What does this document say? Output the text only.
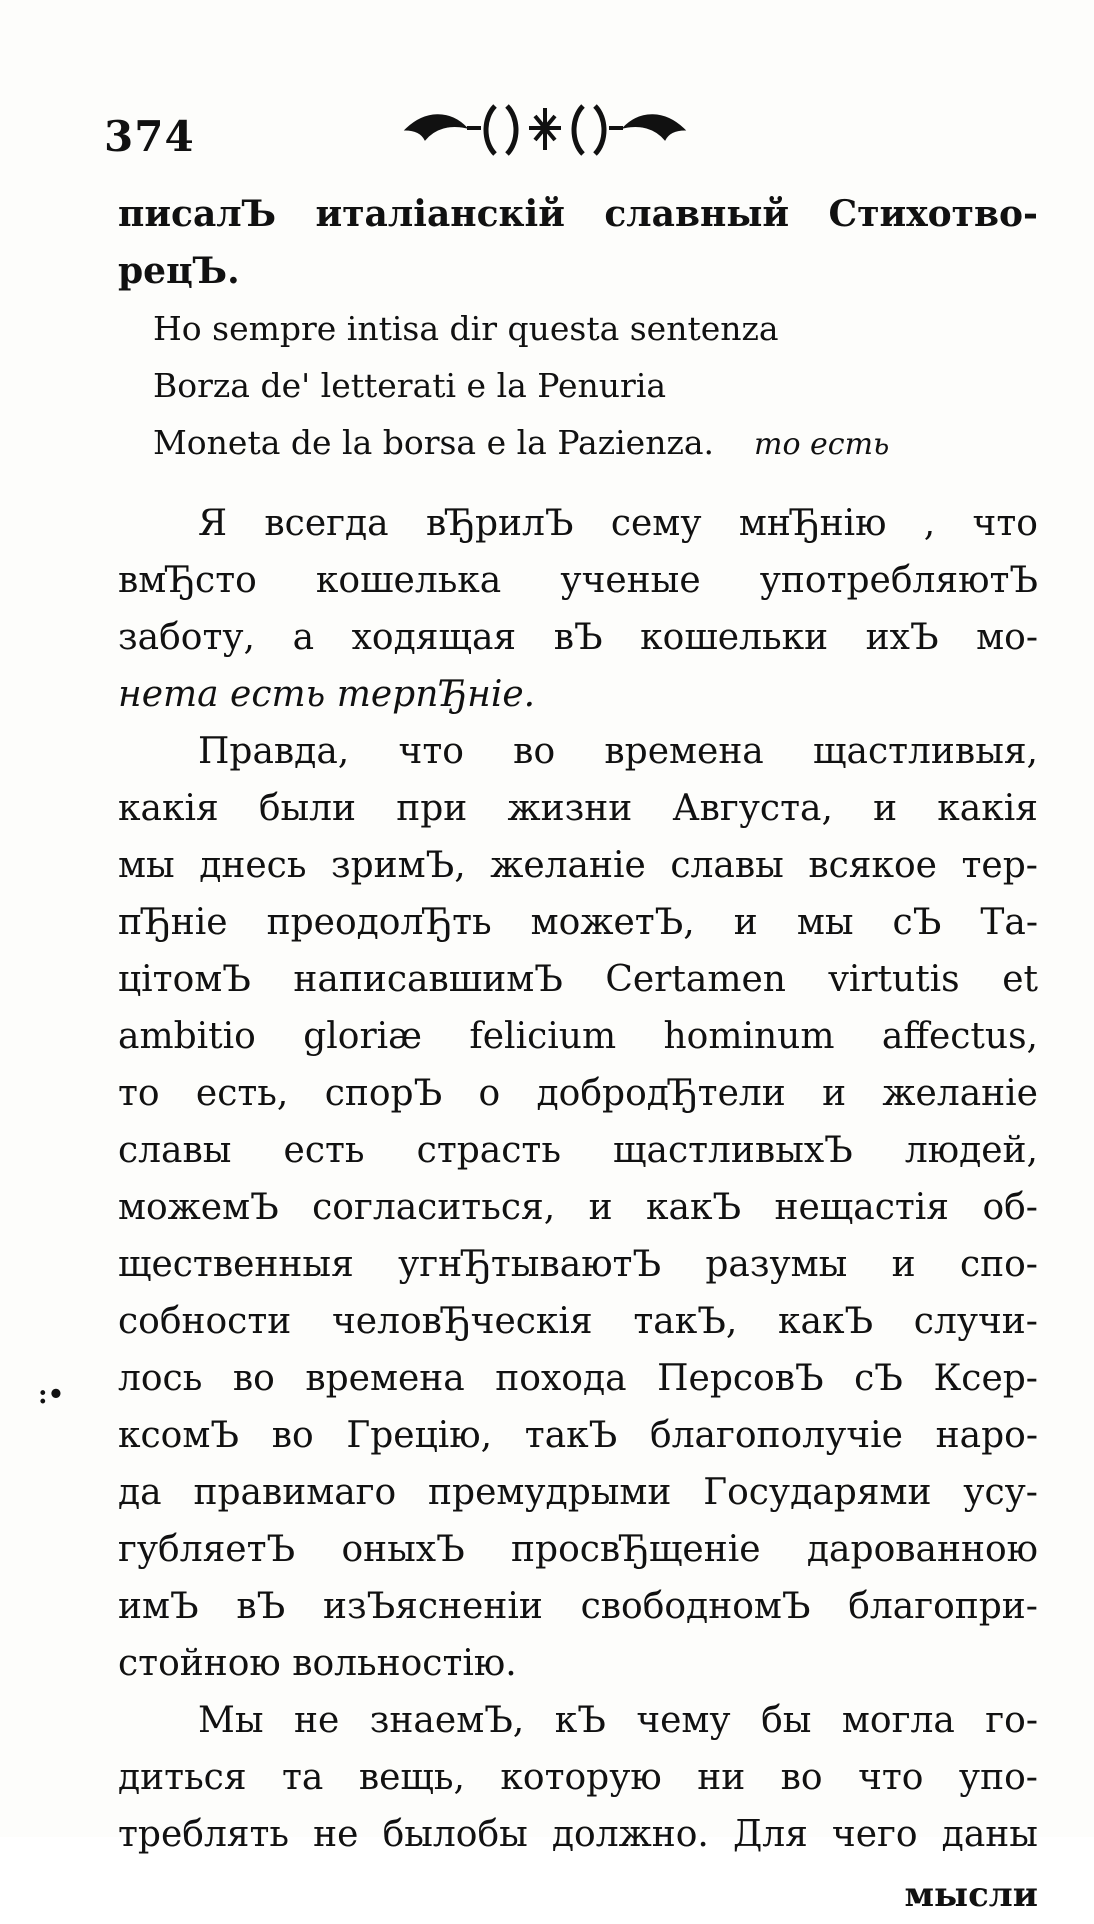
374
писалЪ италіанскій славный Стихотво-
рецЪ.
Ho sempre intisa dir questa sentenza
Borza de' letterati e la Penuria
Moneta de la borsa e la Pazienza. то есть
Я всегда вЂрилЪ сему мнЂнію , что
вмЂсто кошелька ученые употребляютЪ
заботу, а ходящая вЪ кошельки ихЪ мо-
нета есть терпЂніе.
Правда, что во времена щастливыя,
какія были при жизни Августа, и какія
мы днесь зримЪ, желаніе славы всякое тер-
пЂніе преодолЂть можетЪ, и мы сЪ Та-
цітомЪ написавшимЪ Certamen virtutis et
ambitio gloriæ felicium hominum affectus,
то есть, спорЪ о добродЂтели и желаніе
славы есть страсть щастливыхЪ людей,
можемЪ согласиться, и какЪ нещастія об-
щественныя угнЂтываютЪ разумы и спо-
собности человЂческія такЪ, какЪ случи-
лось во времена похода ПерсовЪ сЪ Ксер-
ксомЪ во Грецію, такЪ благополучіе наро-
да правимаго премудрыми Государями усу-
губляетЪ оныхЪ просвЂщеніе дарованною
имЪ вЪ изЪясненіи свободномЪ благопри-
стойною вольностію.
Мы не знаемЪ, кЪ чему бы могла го-
диться та вещь, которую ни во что упо-
треблять не былобы должно. Для чего даны
мысли
:•
